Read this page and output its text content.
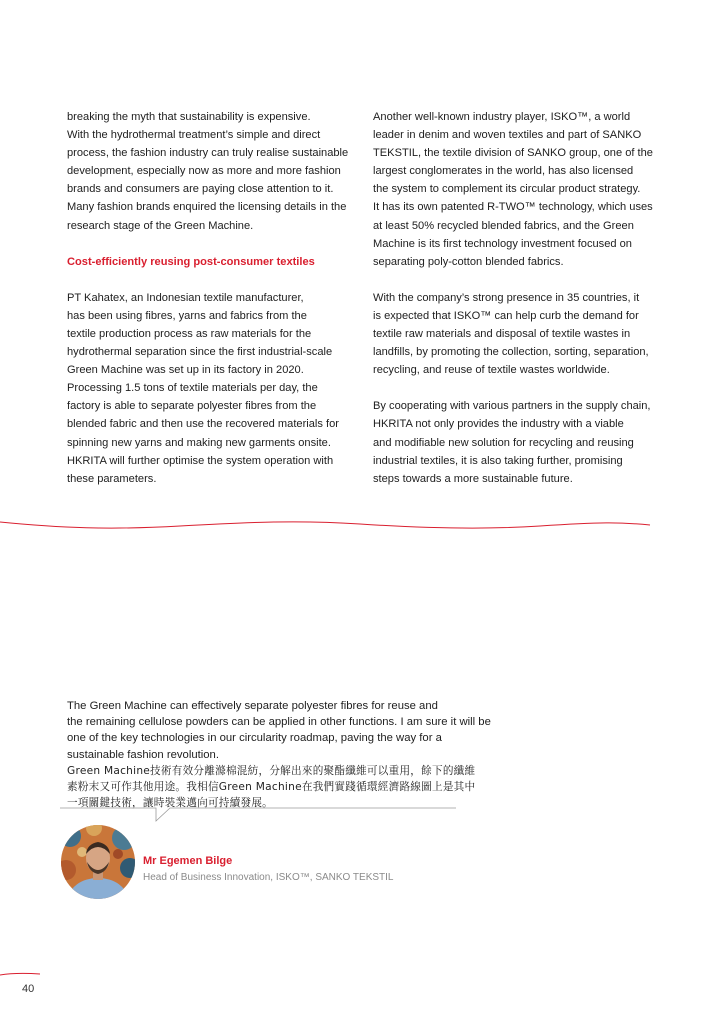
breaking the myth that sustainability is expensive.
With the hydrothermal treatment’s simple and direct
process, the fashion industry can truly realise sustainable
development, especially now as more and more fashion
brands and consumers are paying close attention to it.
Many fashion brands enquired the licensing details in the
research stage of the Green Machine.

Cost-efficiently reusing post-consumer textiles

PT Kahatex, an Indonesian textile manufacturer,
has been using fibres, yarns and fabrics from the
textile production process as raw materials for the
hydrothermal separation since the first industrial-scale
Green Machine was set up in its factory in 2020.
Processing 1.5 tons of textile materials per day, the
factory is able to separate polyester fibres from the
blended fabric and then use the recovered materials for
spinning new yarns and making new garments onsite.
HKRITA will further optimise the system operation with
these parameters.

Another well-known industry player, ISKO™, a world
leader in denim and woven textiles and part of SANKO
TEKSTIL, the textile division of SANKO group, one of the
largest conglomerates in the world, has also licensed
the system to complement its circular product strategy.
It has its own patented R-TWO™ technology, which uses
at least 50% recycled blended fabrics, and the Green
Machine is its first technology investment focused on
separating poly-cotton blended fabrics.

With the company’s strong presence in 35 countries, it
is expected that ISKO™ can help curb the demand for
textile raw materials and disposal of textile wastes in
landfills, by promoting the collection, sorting, separation,
recycling, and reuse of textile wastes worldwide.

By cooperating with various partners in the supply chain,
HKRITA not only provides the industry with a viable
and modifiable new solution for recycling and reusing
industrial textiles, it is also taking further, promising
steps towards a more sustainable future.

The Green Machine can effectively separate polyester fibres for reuse and
the remaining cellulose powders can be applied in other functions. I am sure it will be
one of the key technologies in our circularity roadmap, paving the way for a
sustainable fashion revolution.
Green Machine技術有效分離滌棉混紡，分解出來的聚酯纖維可以重用，餘下的纖維
素粉末又可作其他用途。我相信Green Machine在我們實踐循環經濟路線圖上是其中
一項關鍵技術，讓時裝業邁向可持續發展。
Mr Egemen Bilge
Head of Business Innovation, ISKO™, SANKO TEKSTIL
40
